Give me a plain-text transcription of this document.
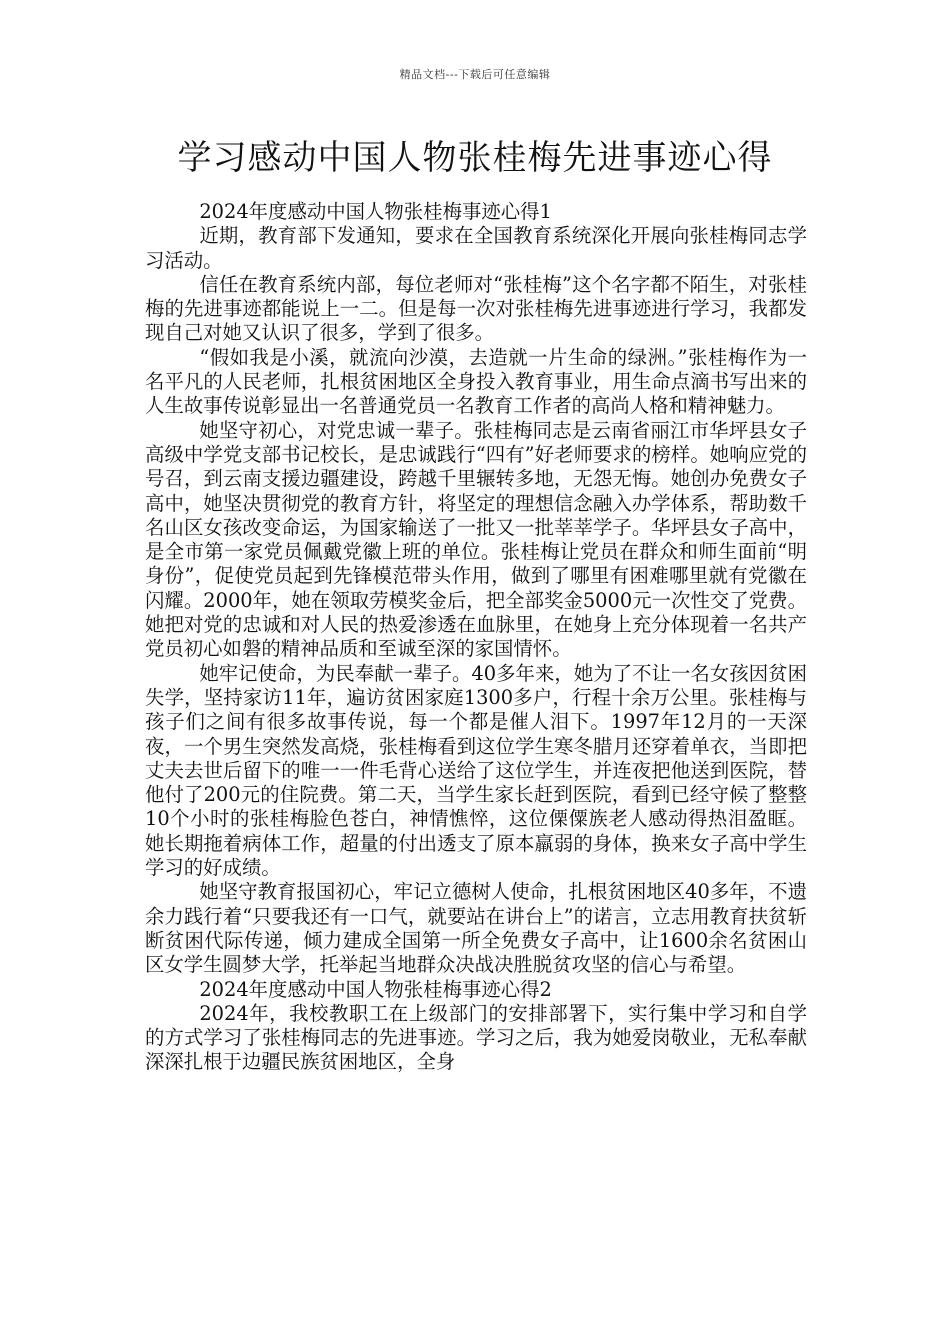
精品文档---下载后可任意编辑
学习感动中国人物张桂梅先进事迹心得

2024年度感动中国人物张桂梅事迹心得1

近期，教育部下发通知，要求在全国教育系统深化开展向张桂梅同志学习活动。

信任在教育系统内部，每位老师对“张桂梅”这个名字都不陌生，对张桂梅的先进事迹都能说上一二。但是每一次对张桂梅先进事迹进行学习，我都发现自己对她又认识了很多，学到了很多。

“假如我是小溪，就流向沙漠，去造就一片生命的绿洲。”张桂梅作为一名平凡的人民老师，扎根贫困地区全身投入教育事业，用生命点滴书写出来的人生故事传说彰显出一名普通党员一名教育工作者的高尚人格和精神魅力。

她坚守初心，对党忠诚一辈子。张桂梅同志是云南省丽江市华坪县女子高级中学党支部书记校长，是忠诚践行“四有”好老师要求的榜样。她响应党的号召，到云南支援边疆建设，跨越千里辗转多地，无怨无悔。她创办免费女子高中，她坚决贯彻党的教育方针，将坚定的理想信念融入办学体系，帮助数千名山区女孩改变命运，为国家输送了一批又一批莘莘学子。华坪县女子高中，是全市第一家党员佩戴党徽上班的单位。张桂梅让党员在群众和师生面前“明身份”，促使党员起到先锋模范带头作用，做到了哪里有困难哪里就有党徽在闪耀。2000年，她在领取劳模奖金后，把全部奖金5000元一次性交了党费。她把对党的忠诚和对人民的热爱渗透在血脉里，在她身上充分体现着一名共产党员初心如磐的精神品质和至诚至深的家国情怀。

她牢记使命，为民奉献一辈子。40多年来，她为了不让一名女孩因贫困失学，坚持家访11年，遍访贫困家庭1300多户，行程十余万公里。张桂梅与孩子们之间有很多故事传说，每一个都是催人泪下。1997年12月的一天深夜，一个男生突然发高烧，张桂梅看到这位学生寒冬腊月还穿着单衣，当即把丈夫去世后留下的唯一一件毛背心送给了这位学生，并连夜把他送到医院，替他付了200元的住院费。第二天，当学生家长赶到医院，看到已经守候了整整10个小时的张桂梅脸色苍白，神情憔悴，这位傈僳族老人感动得热泪盈眶。她长期拖着病体工作，超量的付出透支了原本羸弱的身体，换来女子高中学生学习的好成绩。

她坚守教育报国初心，牢记立德树人使命，扎根贫困地区40多年，不遗余力践行着“只要我还有一口气，就要站在讲台上”的诺言，立志用教育扶贫斩断贫困代际传递，倾力建成全国第一所全免费女子高中，让1600余名贫困山区女学生圆梦大学，托举起当地群众决战决胜脱贫攻坚的信心与希望。

2024年度感动中国人物张桂梅事迹心得2

2024年，我校教职工在上级部门的安排部署下，实行集中学习和自学的方式学习了张桂梅同志的先进事迹。学习之后，我为她爱岗敬业，无私奉献深深扎根于边疆民族贫困地区，全身
